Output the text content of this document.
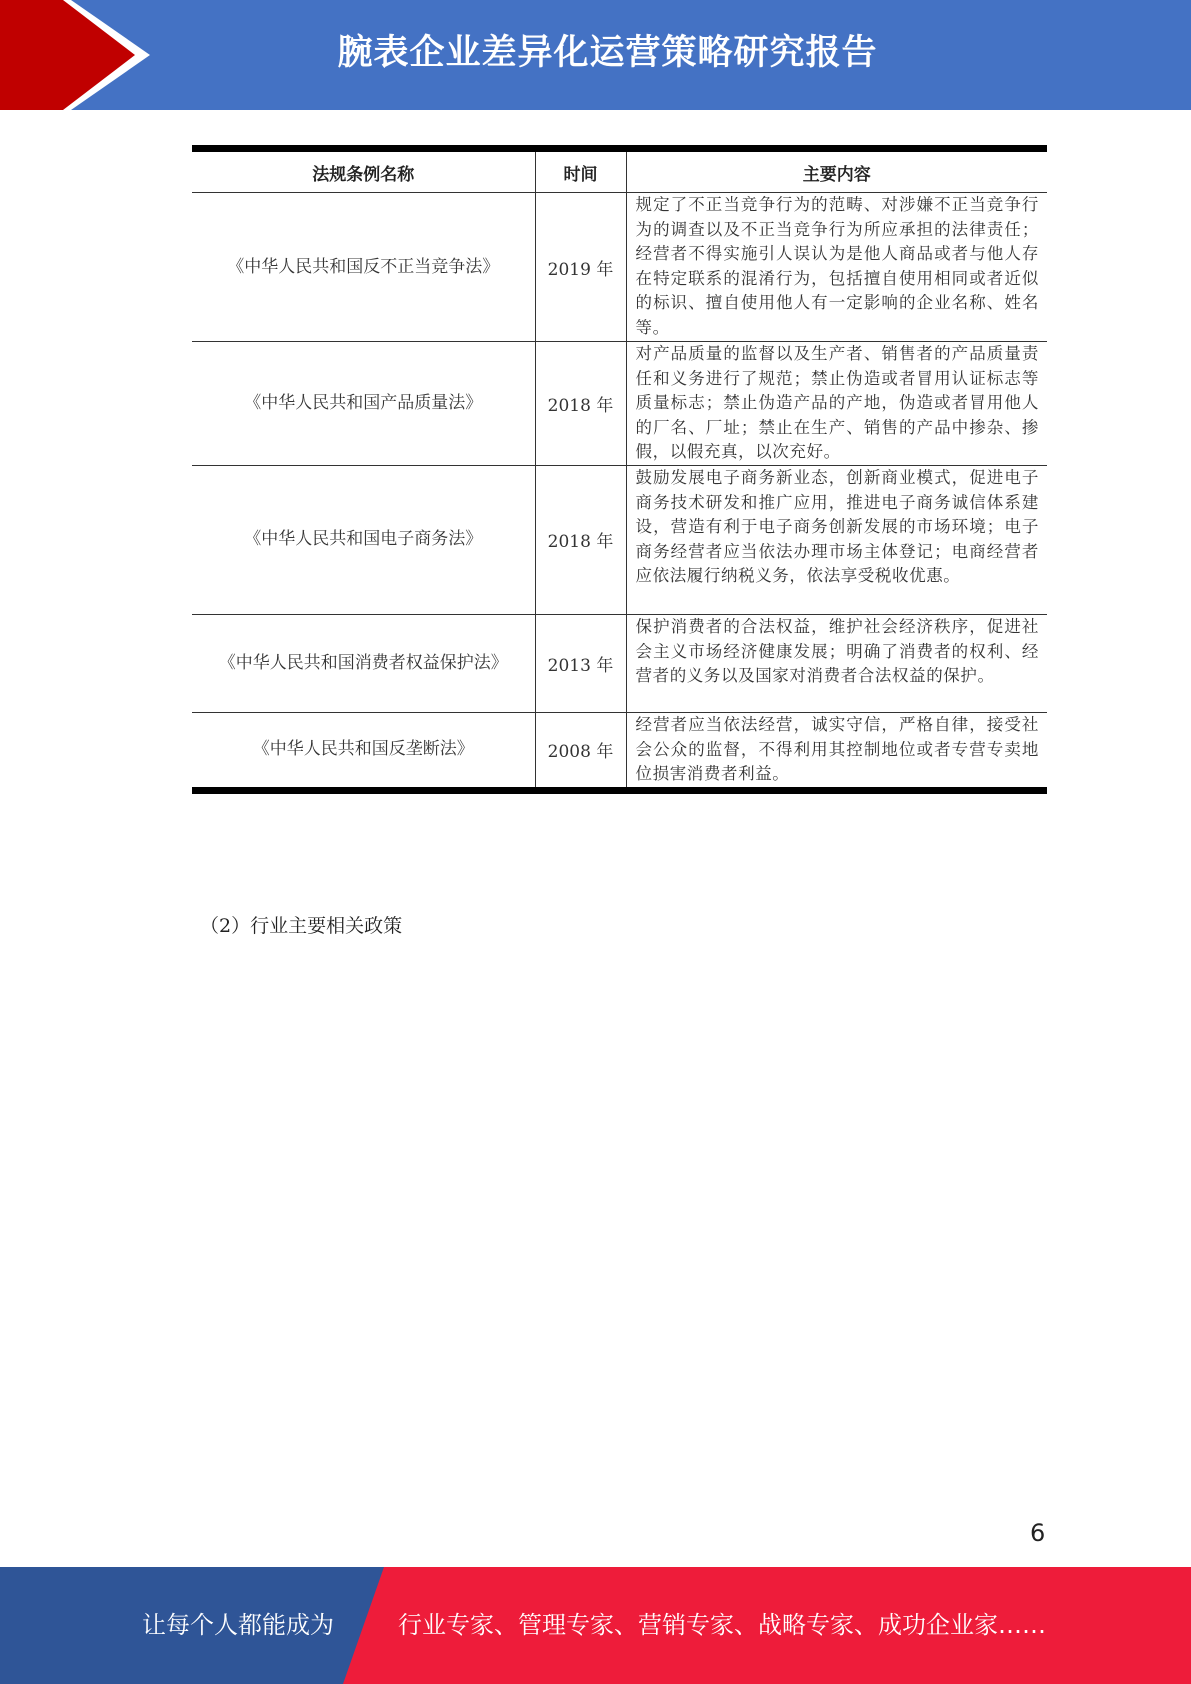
腕表企业差异化运营策略研究报告
法规条例名称	时间	主要内容
《中华人民共和国反不正当竞争法》	2019 年	规定了不正当竞争行为的范畴、对涉嫌不正当竞争行为的调查以及不正当竞争行为所应承担的法律责任；经营者不得实施引人误认为是他人商品或者与他人存在特定联系的混淆行为，包括擅自使用相同或者近似的标识、擅自使用他人有一定影响的企业名称、姓名等。
《中华人民共和国产品质量法》	2018 年	对产品质量的监督以及生产者、销售者的产品质量责任和义务进行了规范；禁止伪造或者冒用认证标志等质量标志；禁止伪造产品的产地，伪造或者冒用他人的厂名、厂址；禁止在生产、销售的产品中掺杂、掺假，以假充真，以次充好。
《中华人民共和国电子商务法》	2018 年	鼓励发展电子商务新业态，创新商业模式，促进电子商务技术研发和推广应用，推进电子商务诚信体系建设，营造有利于电子商务创新发展的市场环境；电子商务经营者应当依法办理市场主体登记；电商经营者应依法履行纳税义务，依法享受税收优惠。
《中华人民共和国消费者权益保护法》	2013 年	保护消费者的合法权益，维护社会经济秩序，促进社会主义市场经济健康发展；明确了消费者的权利、经营者的义务以及国家对消费者合法权益的保护。
《中华人民共和国反垄断法》	2008 年	经营者应当依法经营，诚实守信，严格自律，接受社会公众的监督，不得利用其控制地位或者专营专卖地位损害消费者利益。
（2）行业主要相关政策
6
让每个人都能成为	行业专家、管理专家、营销专家、战略专家、成功企业家……
